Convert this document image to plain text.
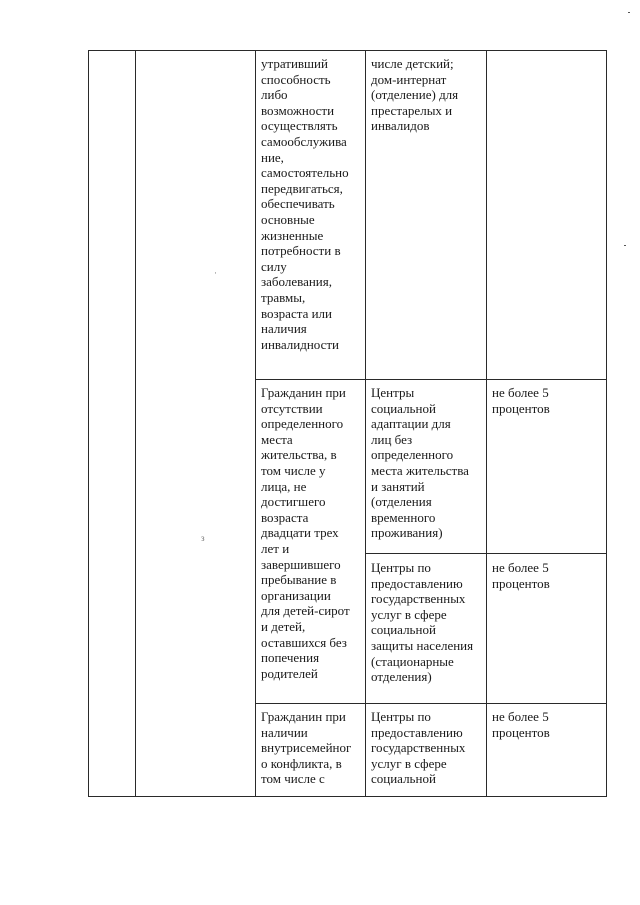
утративший
способность
либо
возможности
осуществлять
самообслужива
ние,
самостоятельно
передвигаться,
обеспечивать
основные
жизненные
потребности в
силу
заболевания,
травмы,
возраста или
наличия
инвалидности
числе детский;
дом-интернат
(отделение) для
престарелых и
инвалидов
Гражданин при
отсутствии
определенного
места
жительства, в
том числе у
лица, не
достигшего
возраста
двадцати трех
лет и
завершившего
пребывание в
организации
для детей-сирот
и детей,
оставшихся без
попечения
родителей
Центры
социальной
адаптации для
лиц без
определенного
места жительства
и занятий
(отделения
временного
проживания)
не более 5
процентов
Центры по
предоставлению
государственных
услуг в сфере
социальной
защиты населения
(стационарные
отделения)
не более 5
процентов
Гражданин при
наличии
внутрисемейног
о конфликта, в
том числе с
Центры по
предоставлению
государственных
услуг в сфере
социальной
не более 5
процентов
·
з
